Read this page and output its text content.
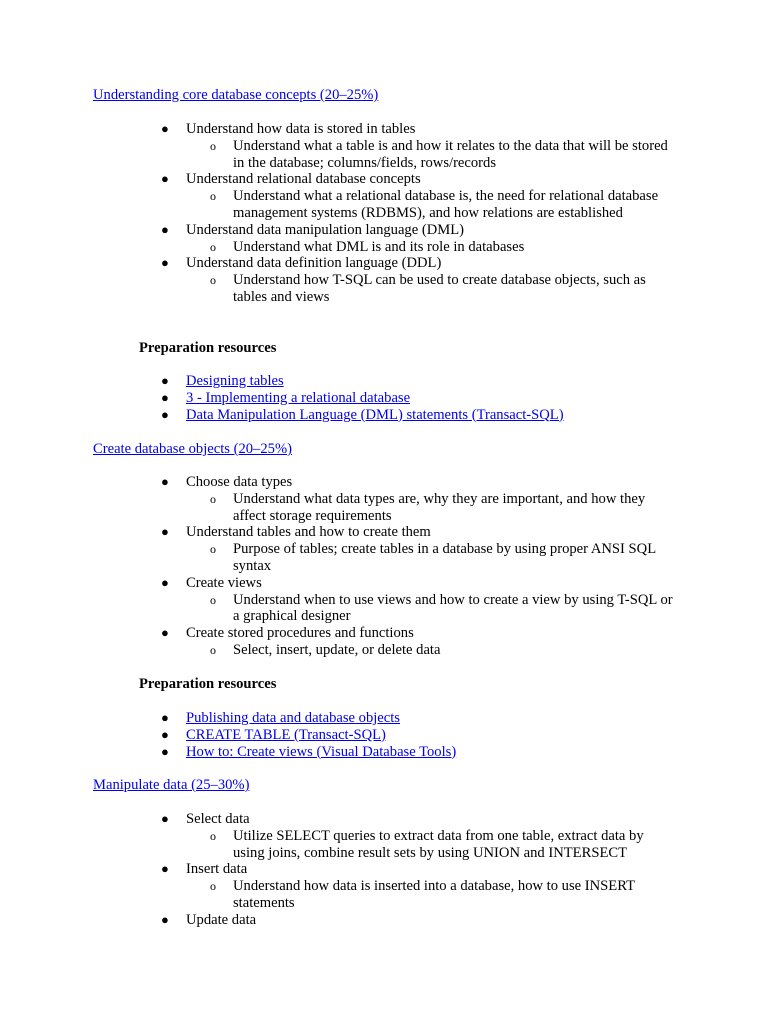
Understanding core database concepts (20–25%)
● Understand how data is stored in tables
o Understand what a table is and how it relates to the data that will be stored in the database; columns/fields, rows/records
● Understand relational database concepts
o Understand what a relational database is, the need for relational database management systems (RDBMS), and how relations are established
● Understand data manipulation language (DML)
o Understand what DML is and its role in databases
● Understand data definition language (DDL)
o Understand how T-SQL can be used to create database objects, such as tables and views
Preparation resources
● Designing tables
● 3 - Implementing a relational database
● Data Manipulation Language (DML) statements (Transact-SQL)
Create database objects (20–25%)
● Choose data types
o Understand what data types are, why they are important, and how they affect storage requirements
● Understand tables and how to create them
o Purpose of tables; create tables in a database by using proper ANSI SQL syntax
● Create views
o Understand when to use views and how to create a view by using T-SQL or a graphical designer
● Create stored procedures and functions
o Select, insert, update, or delete data
Preparation resources
● Publishing data and database objects
● CREATE TABLE (Transact-SQL)
● How to: Create views (Visual Database Tools)
Manipulate data (25–30%)
● Select data
o Utilize SELECT queries to extract data from one table, extract data by using joins, combine result sets by using UNION and INTERSECT
● Insert data
o Understand how data is inserted into a database, how to use INSERT statements
● Update data
